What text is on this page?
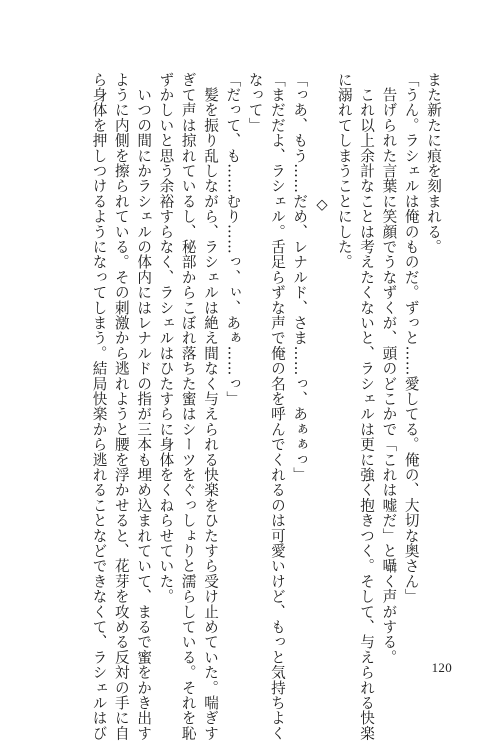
また新たに痕を刻まれる。
「うん。ラシェルは俺のものだ。ずっと……愛してる。俺の、大切な奥さん」
　告げられた言葉に笑顔でうなずくが、頭のどこかで「これは嘘だ」と囁く声がする。
　これ以上余計なことは考えたくないと、ラシェルは更に強く抱きつく。そして、与えられる快楽
に溺れてしまうことにした。
◇
「っあ、もう……だめ、レナルド、さま……っ、あぁぁっ」
「まだだよ、ラシェル。舌足らずな声で俺の名を呼んでくれるのは可愛いけど、もっと気持ちよく
なって」
「だって、も……むり……っ、ぃ、あぁ……っ」
　髪を振り乱しながら、ラシェルは絶え間なく与えられる快楽をひたすら受け止めていた。喘ぎす
ぎて声は掠れているし、秘部からこぼれ落ちた蜜はシーツをぐっしょりと濡らしている。それを恥
ずかしいと思う余裕すらなく、ラシェルはひたすらに身体をくねらせていた。
　いつの間にかラシェルの体内にはレナルドの指が三本も埋め込まれていて、まるで蜜をかき出す
ように内側を擦られている。その刺激から逃れようと腰を浮かせると、花芽を攻める反対の手に自
ら身体を押しつけるようになってしまう。結局快楽から逃れることなどできなくて、ラシェルはび	120
